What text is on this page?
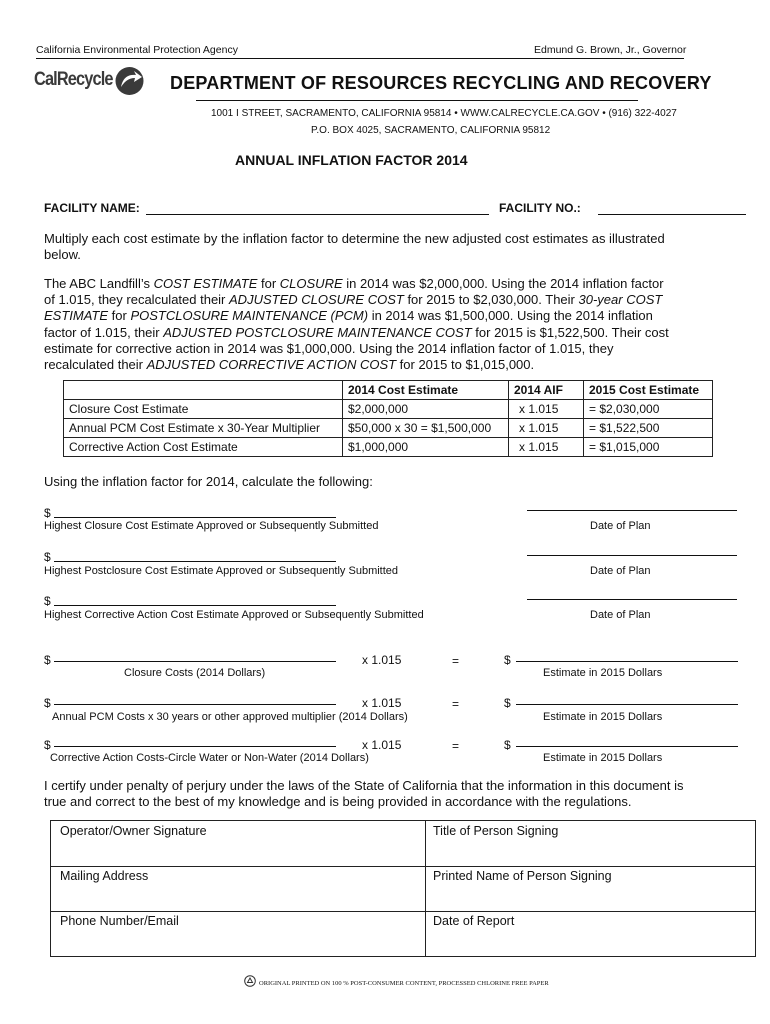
California Environmental Protection Agency	Edmund G. Brown, Jr., Governor
CalRecycle	DEPARTMENT OF RESOURCES RECYCLING AND RECOVERY
1001 I STREET, SACRAMENTO, CALIFORNIA 95814 • WWW.CALRECYCLE.CA.GOV • (916) 322-4027
P.O. BOX 4025, SACRAMENTO, CALIFORNIA 95812
ANNUAL INFLATION FACTOR 2014
FACILITY NAME:	FACILITY NO.:
Multiply each cost estimate by the inflation factor to determine the new adjusted cost estimates as illustrated below.
The ABC Landfill’s COST ESTIMATE for CLOSURE in 2014 was $2,000,000. Using the 2014 inflation factor of 1.015, they recalculated their ADJUSTED CLOSURE COST for 2015 to $2,030,000. Their 30-year COST ESTIMATE for POSTCLOSURE MAINTENANCE (PCM) in 2014 was $1,500,000. Using the 2014 inflation factor of 1.015, their ADJUSTED POSTCLOSURE MAINTENANCE COST for 2015 is $1,522,500. Their cost estimate for corrective action in 2014 was $1,000,000. Using the 2014 inflation factor of 1.015, they recalculated their ADJUSTED CORRECTIVE ACTION COST for 2015 to $1,015,000.
	2014 Cost Estimate	2014 AIF	2015 Cost Estimate
Closure Cost Estimate	$2,000,000	x 1.015	= $2,030,000
Annual PCM Cost Estimate x 30-Year Multiplier	$50,000 x 30 = $1,500,000	x 1.015	= $1,522,500
Corrective Action Cost Estimate	$1,000,000	x 1.015	= $1,015,000
Using the inflation factor for 2014, calculate the following:
$
Highest Closure Cost Estimate Approved or Subsequently Submitted	Date of Plan
$
Highest Postclosure Cost Estimate Approved or Subsequently Submitted	Date of Plan
$
Highest Corrective Action Cost Estimate Approved or Subsequently Submitted	Date of Plan
$	x 1.015	=	$
Closure Costs (2014 Dollars)	Estimate in 2015 Dollars
$	x 1.015	=	$
Annual PCM Costs x 30 years or other approved multiplier (2014 Dollars)	Estimate in 2015 Dollars
$	x 1.015	=	$
Corrective Action Costs-Circle Water or Non-Water (2014 Dollars)	Estimate in 2015 Dollars
I certify under penalty of perjury under the laws of the State of California that the information in this document is true and correct to the best of my knowledge and is being provided in accordance with the regulations.
Operator/Owner Signature	Title of Person Signing
Mailing Address	Printed Name of Person Signing
Phone Number/Email	Date of Report
ORIGINAL PRINTED ON 100 % POST-CONSUMER CONTENT, PROCESSED CHLORINE FREE PAPER
